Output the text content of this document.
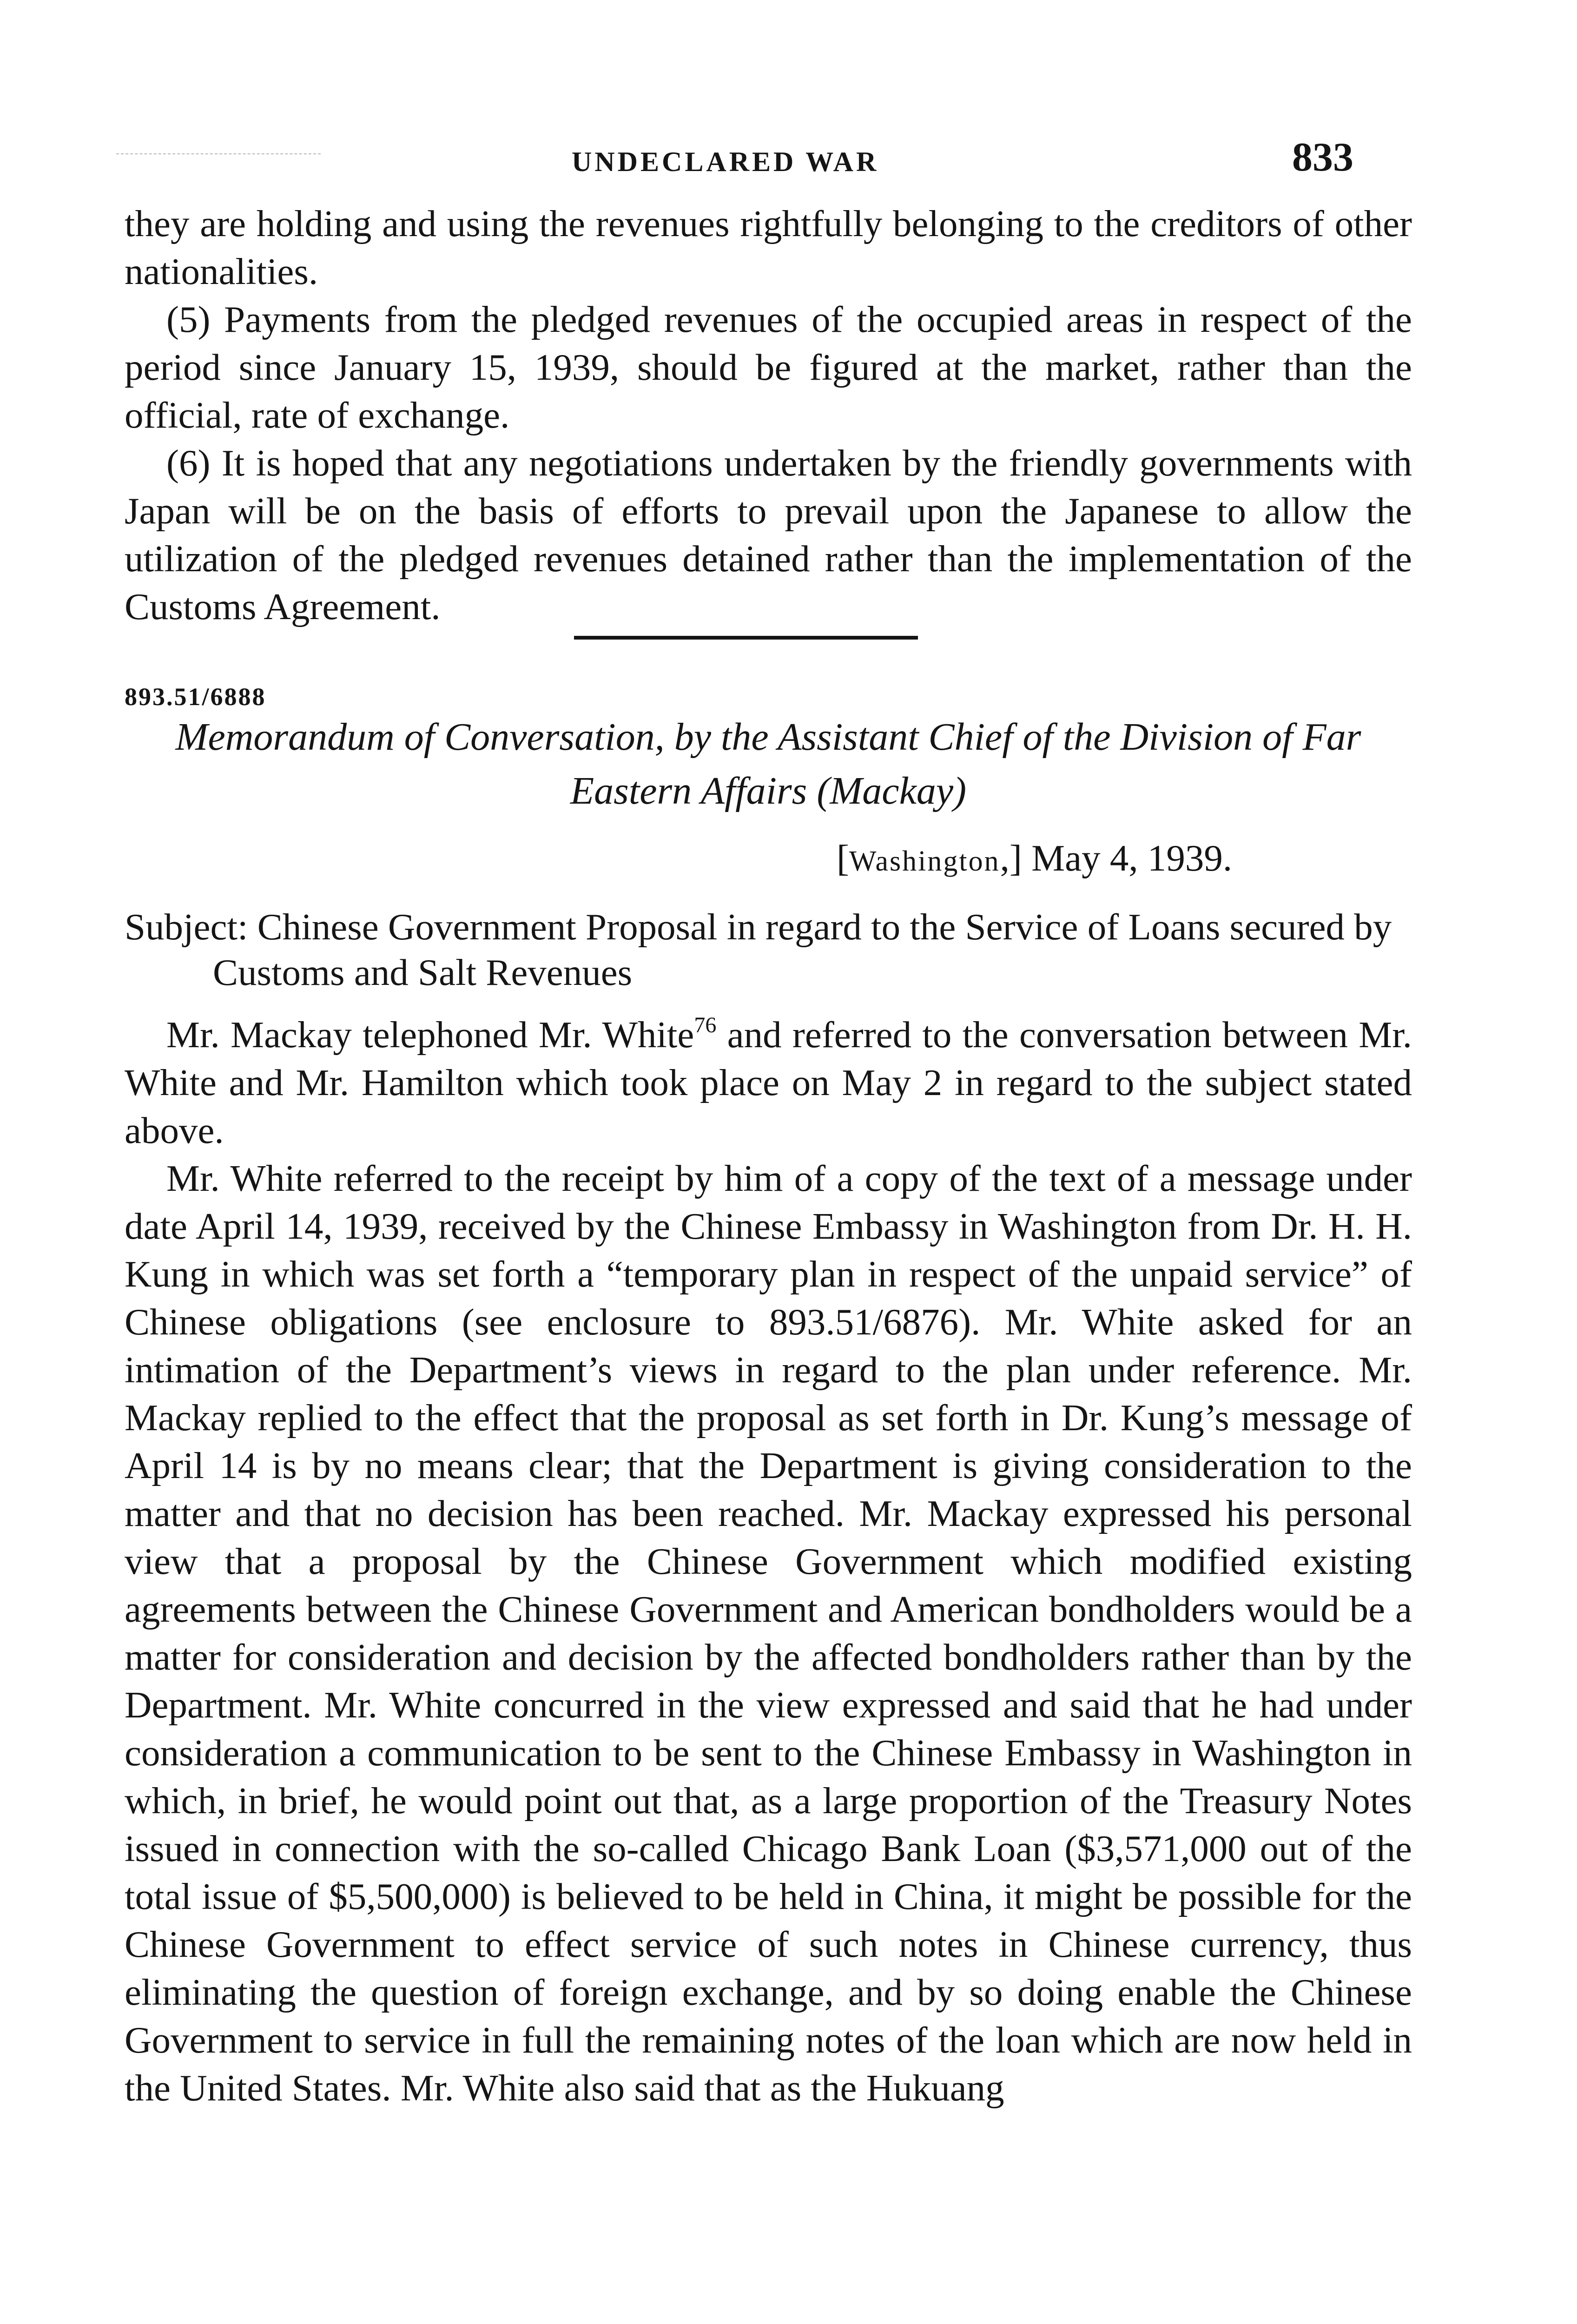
UNDECLARED WAR	833

they are holding and using the revenues rightfully belonging to the creditors of other nationalities.

(5) Payments from the pledged revenues of the occupied areas in respect of the period since January 15, 1939, should be figured at the market, rather than the official, rate of exchange.

(6) It is hoped that any negotiations undertaken by the friendly governments with Japan will be on the basis of efforts to prevail upon the Japanese to allow the utilization of the pledged revenues detained rather than the implementation of the Customs Agreement.

893.51/6888

Memorandum of Conversation, by the Assistant Chief of the Division of Far Eastern Affairs (Mackay)

[Washington,] May 4, 1939.

Subject: Chinese Government Proposal in regard to the Service of Loans secured by Customs and Salt Revenues

Mr. Mackay telephoned Mr. White$^{76}$ and referred to the conversation between Mr. White and Mr. Hamilton which took place on May 2 in regard to the subject stated above.

Mr. White referred to the receipt by him of a copy of the text of a message under date April 14, 1939, received by the Chinese Embassy in Washington from Dr. H. H. Kung in which was set forth a “temporary plan in respect of the unpaid service” of Chinese obligations (see enclosure to 893.51/6876). Mr. White asked for an intimation of the Department’s views in regard to the plan under reference. Mr. Mackay replied to the effect that the proposal as set forth in Dr. Kung’s message of April 14 is by no means clear; that the Department is giving consideration to the matter and that no decision has been reached. Mr. Mackay expressed his personal view that a proposal by the Chinese Government which modified existing agreements between the Chinese Government and American bondholders would be a matter for consideration and decision by the affected bondholders rather than by the Department. Mr. White concurred in the view expressed and said that he had under consideration a communication to be sent to the Chinese Embassy in Washington in which, in brief, he would point out that, as a large proportion of the Treasury Notes issued in connection with the so-called Chicago Bank Loan ($3,571,000 out of the total issue of $5,500,000) is believed to be held in China, it might be possible for the Chinese Government to effect service of such notes in Chinese currency, thus eliminating the question of foreign exchange, and by so doing enable the Chinese Government to service in full the remaining notes of the loan which are now held in the United States. Mr. White also said that as the Hukuang
